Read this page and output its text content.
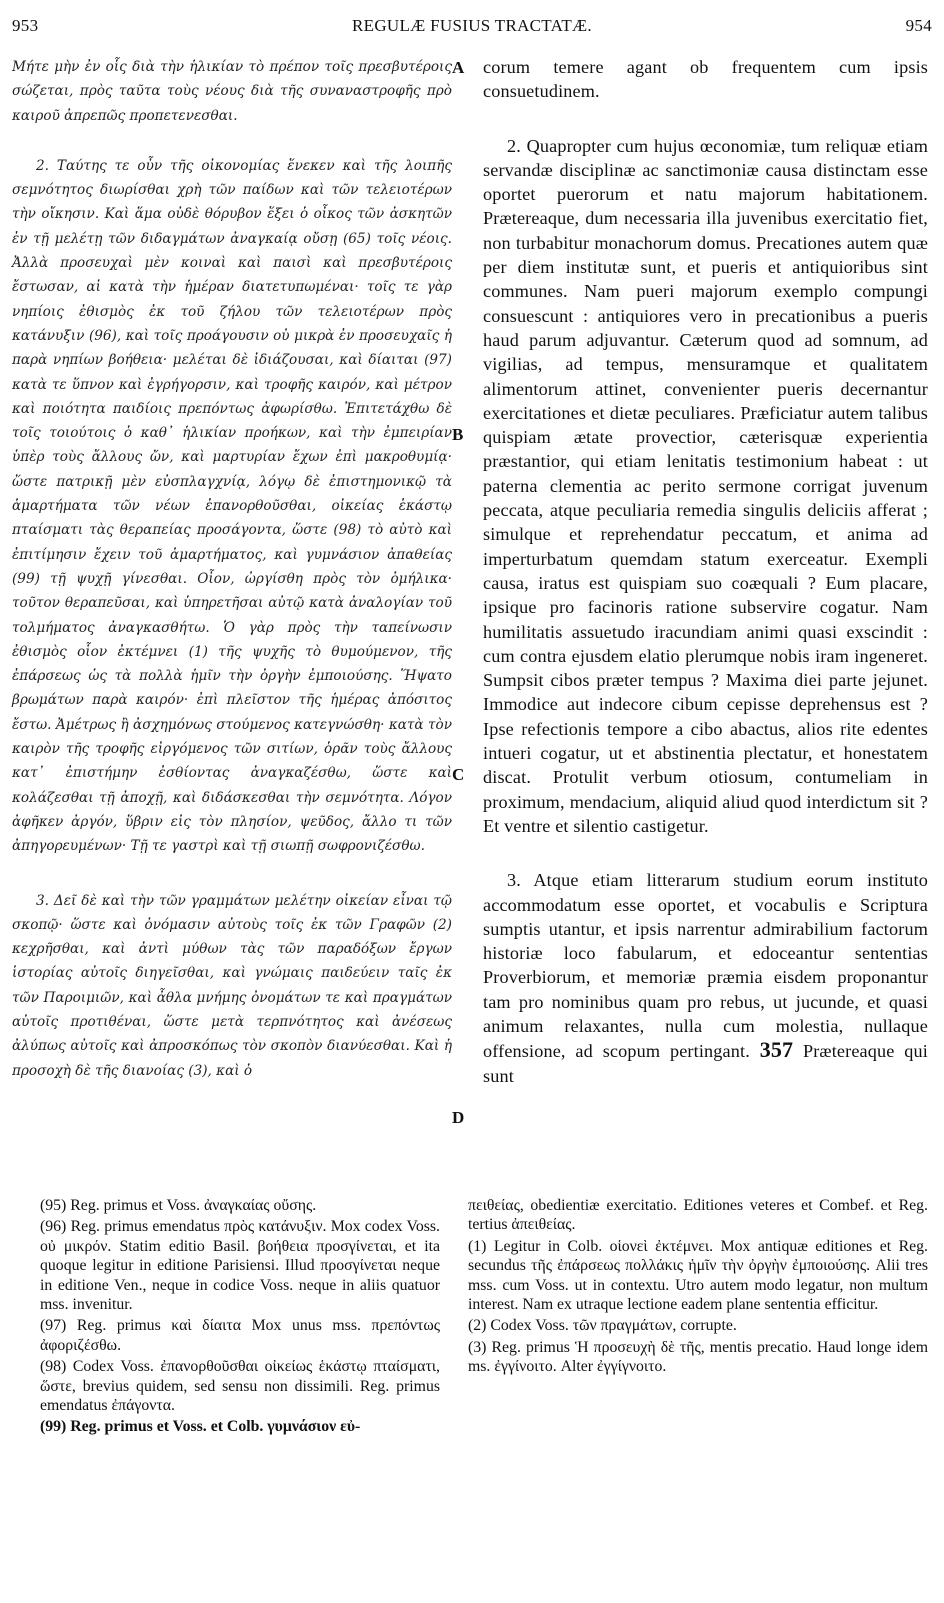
953	REGULÆ FUSIUS TRACTATÆ.	954

Μήτε μὴν ἐν οἷς διὰ τὴν ἡλικίαν τὸ πρέπον τοῖς πρεσβυτέροις σώζεται, πρὸς ταῦτα τοὺς νέους διὰ τῆς συναναστροφῆς πρὸ καιροῦ ἀπρεπῶς προπετενεσθαι.

2. Ταύτης τε οὖν τῆς οἰκονομίας ἕνεκεν καὶ τῆς λοιπῆς σεμνότητος διωρίσθαι χρὴ τῶν παίδων καὶ τῶν τελειοτέρων τὴν οἴκησιν. Καὶ ἅμα οὐδὲ θόρυβον ἕξει ὁ οἶκος τῶν ἀσκητῶν ἐν τῇ μελέτῃ τῶν διδαγμάτων ἀναγκαίᾳ οὔσῃ (65) τοῖς νέοις. Ἀλλὰ προσευχαὶ μὲν κοιναὶ καὶ παισὶ καὶ πρεσβυτέροις ἔστωσαν, αἱ κατὰ τὴν ἡμέραν διατετυπωμέναι· τοῖς τε γὰρ νηπίοις ἐθισμὸς ἐκ τοῦ ζήλου τῶν τελειοτέρων πρὸς κατάνυξιν (96), καὶ τοῖς προάγουσιν οὐ μικρὰ ἐν προσευχαῖς ἡ παρὰ νηπίων βοήθεια· μελέται δὲ ἰδιάζουσαι, καὶ δίαιται (97) κατὰ τε ὕπνον καὶ ἐγρήγορσιν, καὶ τροφῆς καιρόν, καὶ μέτρον καὶ ποιότητα παιδίοις πρεπόντως ἀφωρίσθω. Ἐπιτετάχθω δὲ τοῖς τοιούτοις ὁ καθ᾽ ἡλικίαν προήκων, καὶ τὴν ἐμπειρίαν ὑπὲρ τοὺς ἄλλους ὤν, καὶ μαρτυρίαν ἔχων ἐπὶ μακροθυμίᾳ· ὥστε πατρικῇ μὲν εὐσπλαγχνίᾳ, λόγῳ δὲ ἐπιστημονικῷ τὰ ἁμαρτήματα τῶν νέων ἐπανορθοῦσθαι, οἰκείας ἑκάστῳ πταίσματι τὰς θεραπείας προσάγοντα, ὥστε (98) τὸ αὐτὸ καὶ ἐπιτίμησιν ἔχειν τοῦ ἁμαρτήματος, καὶ γυμνάσιον ἀπαθείας (99) τῇ ψυχῇ γίνεσθαι. Οἷον, ὠργίσθη πρὸς τὸν ὁμήλικα· τοῦτον θεραπεῦσαι, καὶ ὑπηρετῆσαι αὐτῷ κατὰ ἀναλογίαν τοῦ τολμήματος ἀναγκασθήτω. Ὁ γὰρ πρὸς τὴν ταπείνωσιν ἐθισμὸς οἷον ἐκτέμνει (1) τῆς ψυχῆς τὸ θυμούμενον, τῆς ἐπάρσεως ὡς τὰ πολλὰ ἡμῖν τὴν ὀργὴν ἐμποιούσης. Ἥψατο βρωμάτων παρὰ καιρόν· ἐπὶ πλεῖστον τῆς ἡμέρας ἀπόσιτος ἔστω. Ἀμέτρως ἢ ἀσχημόνως στούμενος κατεγνώσθη· κατὰ τὸν καιρὸν τῆς τροφῆς εἰργόμενος τῶν σιτίων, ὁρᾶν τοὺς ἄλλους κατ᾽ ἐπιστήμην ἐσθίοντας ἀναγκαζέσθω, ὥστε καὶ κολάζεσθαι τῇ ἀποχῇ, καὶ διδάσκεσθαι τὴν σεμνότητα. Λόγον ἀφῆκεν ἀργόν, ὕβριν εἰς τὸν πλησίον, ψεῦδος, ἄλλο τι τῶν ἀπηγορευμένων· Τῇ τε γαστρὶ καὶ τῇ σιωπῇ σωφρονιζέσθω.

3. Δεῖ δὲ καὶ τὴν τῶν γραμμάτων μελέτην οἰκείαν εἶναι τῷ σκοπῷ· ὥστε καὶ ὀνόμασιν αὐτοὺς τοῖς ἐκ τῶν Γραφῶν (2) κεχρῆσθαι, καὶ ἀντὶ μύθων τὰς τῶν παραδόξων ἔργων ἱστορίας αὐτοῖς διηγεῖσθαι, καὶ γνώμαις παιδεύειν ταῖς ἐκ τῶν Παροιμιῶν, καὶ ἆθλα μνήμης ὀνομάτων τε καὶ πραγμάτων αὐτοῖς προτιθέναι, ὥστε μετὰ τερπνότητος καὶ ἀνέσεως ἀλύπως αὐτοῖς καὶ ἀπροσκόπως τὸν σκοπὸν διανύεσθαι. Καὶ ἡ προσοχὴ δὲ τῆς διανοίας (3), καὶ ὁ

A
B
C
D

corum temere agant ob frequentem cum ipsis consuetudinem.

2. Quapropter cum hujus œconomiæ, tum reliquæ etiam servandæ disciplinæ ac sanctimoniæ causa distinctam esse oportet puerorum et natu majorum habitationem. Prætereaque, dum necessaria illa juvenibus exercitatio fiet, non turbabitur monachorum domus. Precationes autem quæ per diem institutæ sunt, et pueris et antiquioribus sint communes. Nam pueri majorum exemplo compungi consuescunt : antiquiores vero in precationibus a pueris haud parum adjuvantur. Cæterum quod ad somnum, ad vigilias, ad tempus, mensuramque et qualitatem alimentorum attinet, convenienter pueris decernantur exercitationes et dietæ peculiares. Præficiatur autem talibus quispiam ætate provectior, cæterisquæ experientia præstantior, qui etiam lenitatis testimonium habeat : ut paterna clementia ac perito sermone corrigat juvenum peccata, atque peculiaria remedia singulis deliciis afferat ; simulque et reprehendatur peccatum, et anima ad imperturbatum quemdam statum exerceatur. Exempli causa, iratus est quispiam suo coæquali ? Eum placare, ipsique pro facinoris ratione subservire cogatur. Nam humilitatis assuetudo iracundiam animi quasi exscindit : cum contra ejusdem elatio plerumque nobis iram ingeneret. Sumpsit cibos præter tempus ? Maxima diei parte jejunet. Immodice aut indecore cibum cepisse deprehensus est ? Ipse refectionis tempore a cibo abactus, alios rite edentes intueri cogatur, ut et abstinentia plectatur, et honestatem discat. Protulit verbum otiosum, contumeliam in proximum, mendacium, aliquid aliud quod interdictum sit ? Et ventre et silentio castigetur.

3. Atque etiam litterarum studium eorum instituto accommodatum esse oportet, et vocabulis e Scriptura sumptis utantur, et ipsis narrentur admirabilium factorum historiæ loco fabularum, et edoceantur sententias Proverbiorum, et memoriæ præmia eisdem proponantur tam pro nominibus quam pro rebus, ut jucunde, et quasi animum relaxantes, nulla cum molestia, nullaque offensione, ad scopum pertingant. 357 Prætereaque qui sunt

(95) Reg. primus et Voss. ἀναγκαίας οὔσης.

(96) Reg. primus emendatus πρὸς κατάνυξιν. Mox codex Voss. οὐ μικρόν. Statim editio Basil. βοήθεια προσγίνεται, et ita quoque legitur in editione Parisiensi. Illud προσγίνεται neque in editione Ven., neque in codice Voss. neque in aliis quatuor mss. invenitur.

(97) Reg. primus καὶ δίαιτα Mox unus mss. πρεπόντως ἀφοριζέσθω.

(98) Codex Voss. ἐπανορθοῦσθαι οἰκείως ἑκάστῳ πταίσματι, ὥστε, brevius quidem, sed sensu non dissimili. Reg. primus emendatus ἐπάγοντα.

(99) Reg. primus et Voss. et Colb. γυμνάσιον εὐ-

πειθείας, obedientiæ exercitatio. Editiones veteres et Combef. et Reg. tertius ἀπειθείας.

(1) Legitur in Colb. οἱονεὶ ἐκτέμνει. Mox antiquæ editiones et Reg. secundus τῆς ἐπάρσεως πολλάκις ἡμῖν τὴν ὀργὴν ἐμποιούσης. Alii tres mss. cum Voss. ut in contextu. Utro autem modo legatur, non multum interest. Nam ex utraque lectione eadem plane sententia efficitur.

(2) Codex Voss. τῶν πραγμάτων, corrupte.

(3) Reg. primus Ἡ προσευχὴ δὲ τῆς, mentis precatio. Haud longe idem ms. ἐγγίνοιτο. Alter ἐγγίγνοιτο.
